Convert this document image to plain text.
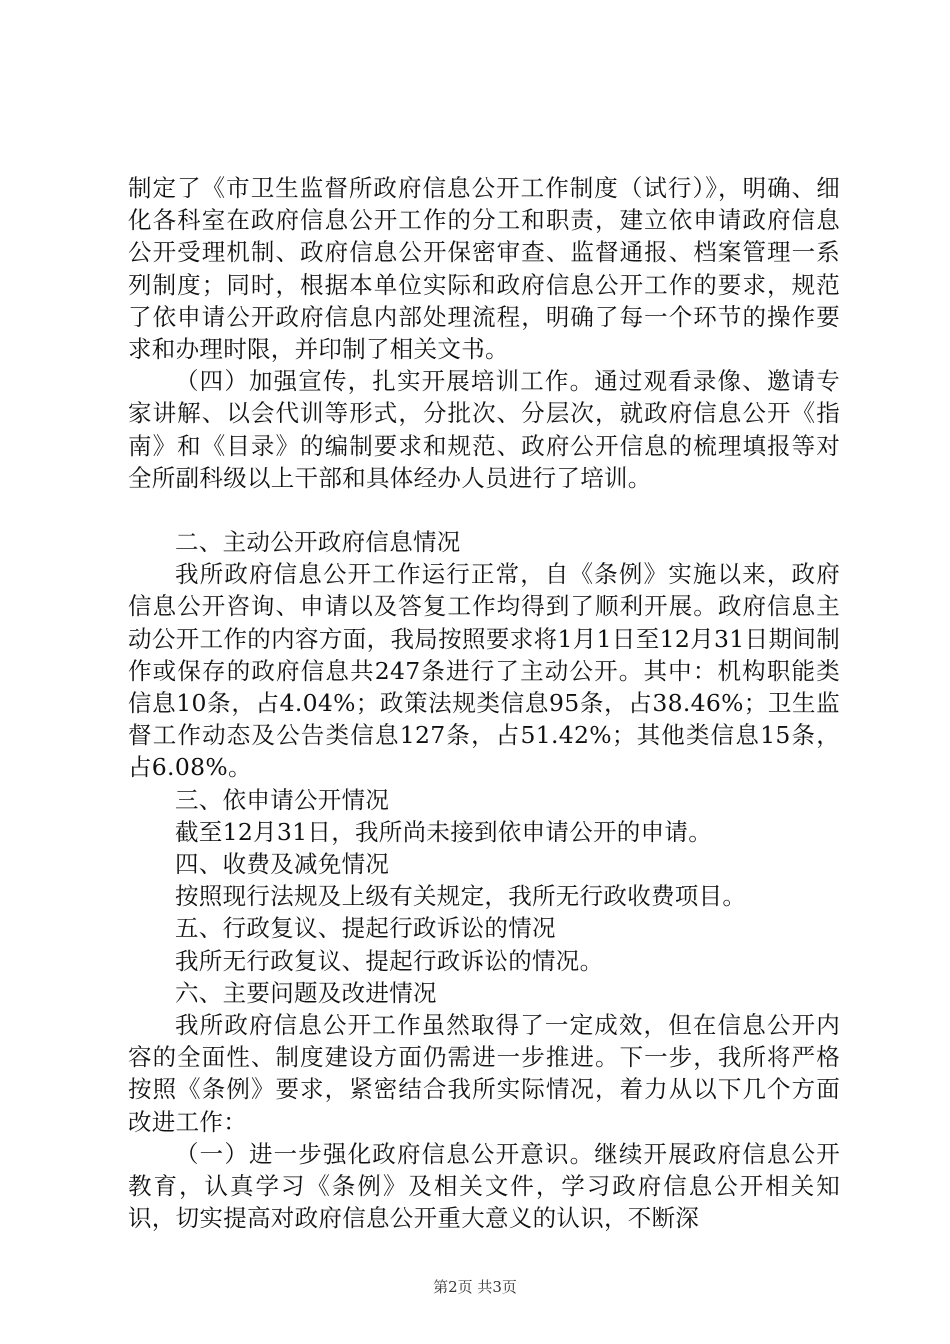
制定了《市卫生监督所政府信息公开工作制度（试行）》，明确、细化各科室在政府信息公开工作的分工和职责，建立依申请政府信息公开受理机制、政府信息公开保密审查、监督通报、档案管理一系列制度；同时，根据本单位实际和政府信息公开工作的要求，规范了依申请公开政府信息内部处理流程，明确了每一个环节的操作要求和办理时限，并印制了相关文书。

（四）加强宣传，扎实开展培训工作。通过观看录像、邀请专家讲解、以会代训等形式，分批次、分层次，就政府信息公开《指南》和《目录》的编制要求和规范、政府公开信息的梳理填报等对全所副科级以上干部和具体经办人员进行了培训。

二、主动公开政府信息情况

我所政府信息公开工作运行正常，自《条例》实施以来，政府信息公开咨询、申请以及答复工作均得到了顺利开展。政府信息主动公开工作的内容方面，我局按照要求将1月1日至12月31日期间制作或保存的政府信息共247条进行了主动公开。其中：机构职能类信息10条，占4.04%；政策法规类信息95条，占38.46%；卫生监督工作动态及公告类信息127条，占51.42%；其他类信息15条，占6.08%。

三、依申请公开情况

截至12月31日，我所尚未接到依申请公开的申请。

四、收费及减免情况

按照现行法规及上级有关规定，我所无行政收费项目。

五、行政复议、提起行政诉讼的情况

我所无行政复议、提起行政诉讼的情况。

六、主要问题及改进情况

我所政府信息公开工作虽然取得了一定成效，但在信息公开内容的全面性、制度建设方面仍需进一步推进。下一步，我所将严格按照《条例》要求，紧密结合我所实际情况，着力从以下几个方面改进工作：

（一）进一步强化政府信息公开意识。继续开展政府信息公开教育，认真学习《条例》及相关文件，学习政府信息公开相关知识，切实提高对政府信息公开重大意义的认识，不断深

第2页 共3页
